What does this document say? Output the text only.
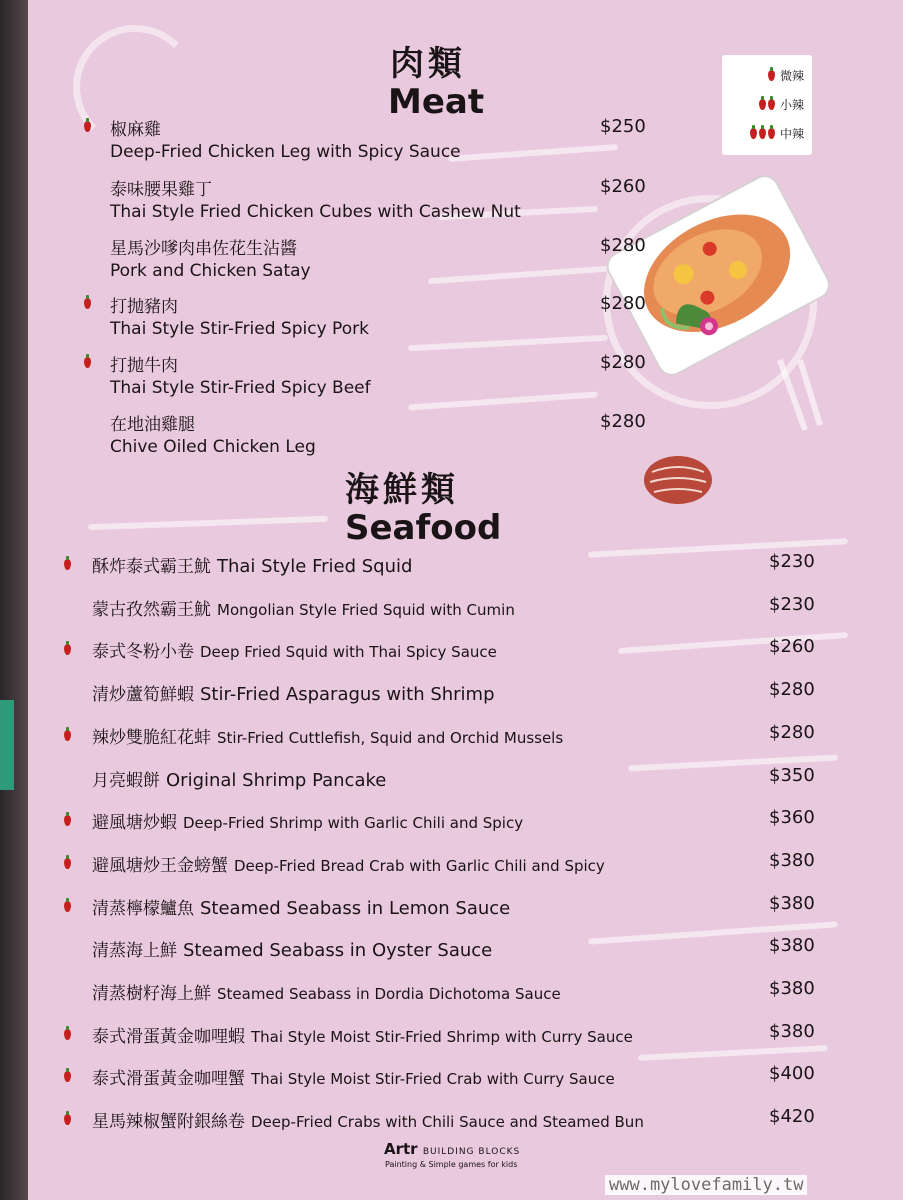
肉類
Meat
微辣
小辣
中辣
椒麻雞
Deep-Fried Chicken Leg with Spicy Sauce
$250
泰味腰果雞丁
Thai Style Fried Chicken Cubes with Cashew Nut
$260
星馬沙嗲肉串佐花生沾醬
Pork and Chicken Satay
$280
打抛豬肉
Thai Style Stir-Fried Spicy Pork
$280
打抛牛肉
Thai Style Stir-Fried Spicy Beef
$280
在地油雞腿
Chive Oiled Chicken Leg
$280
海鮮類
Seafood
酥炸泰式霸王魷 Thai Style Fried Squid	$230
蒙古孜然霸王魷 Mongolian Style Fried Squid with Cumin	$230
泰式冬粉小卷 Deep Fried Squid with Thai Spicy Sauce	$260
清炒蘆筍鮮蝦 Stir-Fried Asparagus with Shrimp	$280
辣炒雙脆紅花蚌 Stir-Fried Cuttlefish, Squid and Orchid Mussels	$280
月亮蝦餅 Original Shrimp Pancake	$350
避風塘炒蝦 Deep-Fried Shrimp with Garlic Chili and Spicy	$360
避風塘炒王金螃蟹 Deep-Fried Bread Crab with Garlic Chili and Spicy	$380
清蒸檸檬鱸魚 Steamed Seabass in Lemon Sauce	$380
清蒸海上鮮 Steamed Seabass in Oyster Sauce	$380
清蒸樹籽海上鮮 Steamed Seabass in Dordia Dichotoma Sauce	$380
泰式滑蛋黃金咖哩蝦 Thai Style Moist Stir-Fried Shrimp with Curry Sauce	$380
泰式滑蛋黃金咖哩蟹 Thai Style Moist Stir-Fried Crab with Curry Sauce	$400
星馬辣椒蟹附銀絲卷 Deep-Fried Crabs with Chili Sauce and Steamed Bun	$420
Artr BUILDING BLOCKS
Painting & Simple games for kids
www.mylovefamily.tw
